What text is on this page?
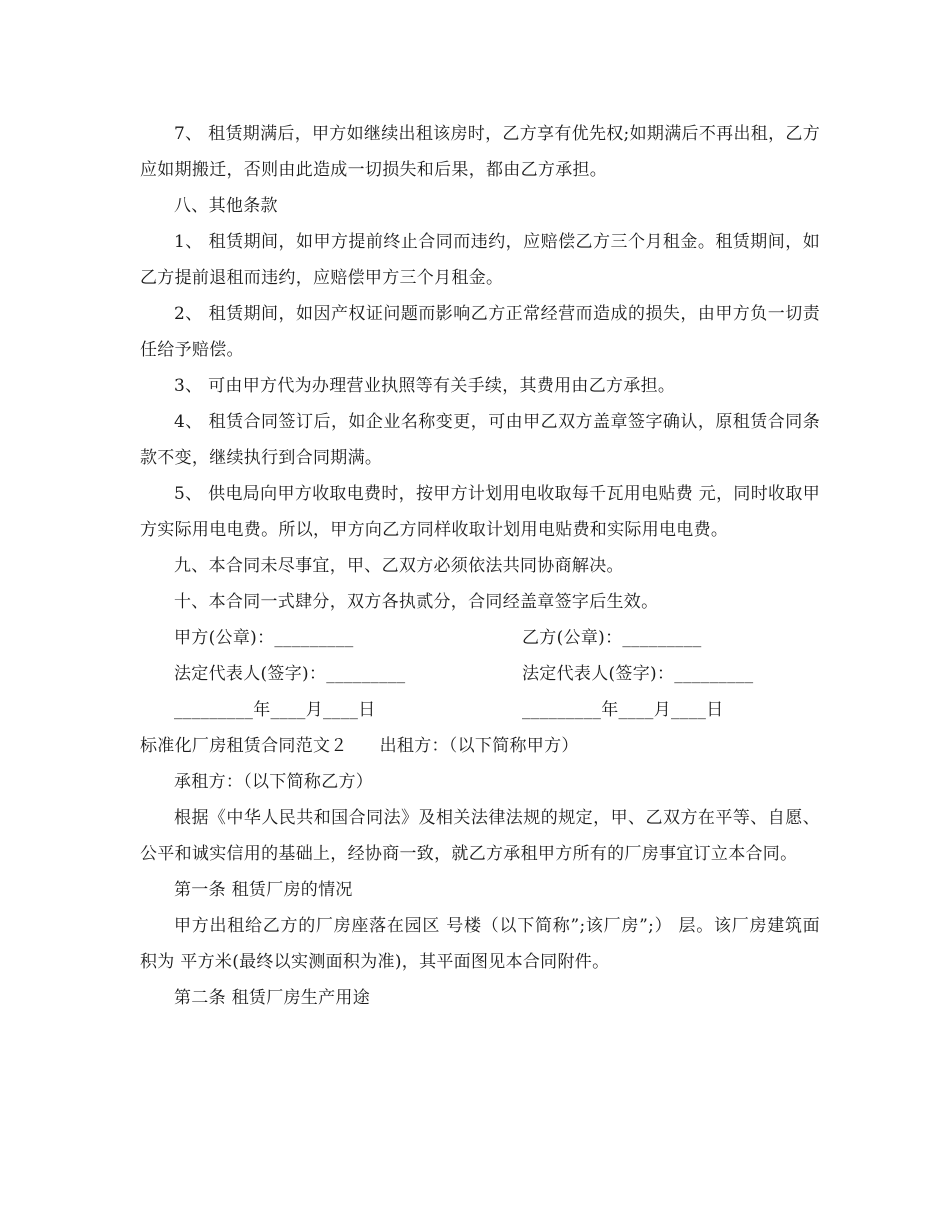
7、 租赁期满后，甲方如继续出租该房时，乙方享有优先权;如期满后不再出租，乙方应如期搬迁，否则由此造成一切损失和后果，都由乙方承担。

八、其他条款

1、 租赁期间，如甲方提前终止合同而违约，应赔偿乙方三个月租金。租赁期间，如乙方提前退租而违约，应赔偿甲方三个月租金。

2、 租赁期间，如因产权证问题而影响乙方正常经营而造成的损失，由甲方负一切责任给予赔偿。

3、 可由甲方代为办理营业执照等有关手续，其费用由乙方承担。

4、 租赁合同签订后，如企业名称变更，可由甲乙双方盖章签字确认，原租赁合同条款不变，继续执行到合同期满。

5、 供电局向甲方收取电费时，按甲方计划用电收取每千瓦用电贴费 元，同时收取甲方实际用电电费。所以，甲方向乙方同样收取计划用电贴费和实际用电电费。

九、本合同未尽事宜，甲、乙双方必须依法共同协商解决。

十、本合同一式肆分，双方各执贰分，合同经盖章签字后生效。

甲方(公章)：_________	乙方(公章)：_________
法定代表人(签字)：_________	法定代表人(签字)：_________
_________年____月____日	_________年____月____日

标准化厂房租赁合同范文２ 出租方：（以下简称甲方）

承租方：（以下简称乙方）

根据《中华人民共和国合同法》及相关法律法规的规定，甲、乙双方在平等、自愿、公平和诚实信用的基础上，经协商一致，就乙方承租甲方所有的厂房事宜订立本合同。

第一条 租赁厂房的情况

甲方出租给乙方的厂房座落在园区 号楼（以下简称”;该厂房”;） 层。该厂房建筑面积为 平方米(最终以实测面积为准)，其平面图见本合同附件。

第二条 租赁厂房生产用途
